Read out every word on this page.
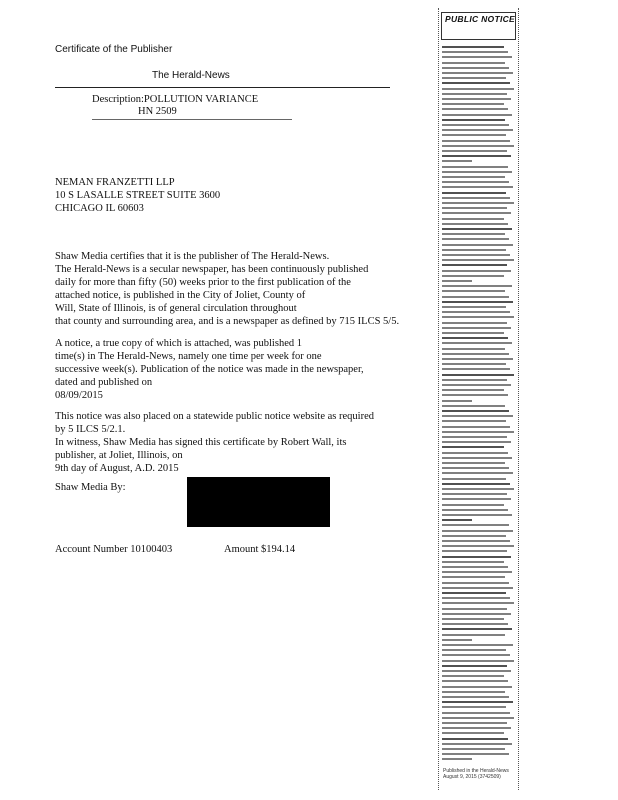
Certificate of the Publisher
The Herald-News
Description:POLLUTION VARIANCE
HN 2509
NEMAN FRANZETTI LLP
10 S LASALLE STREET SUITE 3600
CHICAGO IL 60603
Shaw Media certifies that it is the publisher of The Herald-News.
The Herald-News is a secular newspaper, has been continuously published
daily for more than fifty (50) weeks prior to the first publication of the
attached notice, is published in the City of Joliet, County of
Will, State of Illinois, is of general circulation throughout
that county and surrounding area, and is a newspaper as defined by 715 ILCS 5/5.
A notice, a true copy of which is attached, was published 1
time(s) in The Herald-News, namely one time per week for one
successive week(s). Publication of the notice was made in the newspaper,
dated and published on
08/09/2015
This notice was also placed on a statewide public notice website as required
by 5 ILCS 5/2.1.
In witness, Shaw Media has signed this certificate by Robert Wall, its
publisher, at Joliet, Illinois, on
9th day of August, A.D. 2015
Shaw Media By:
Account Number 10100403	Amount $194.14
PUBLIC NOTICE
Published in the Herald-News August 9, 2015 (3742509)
